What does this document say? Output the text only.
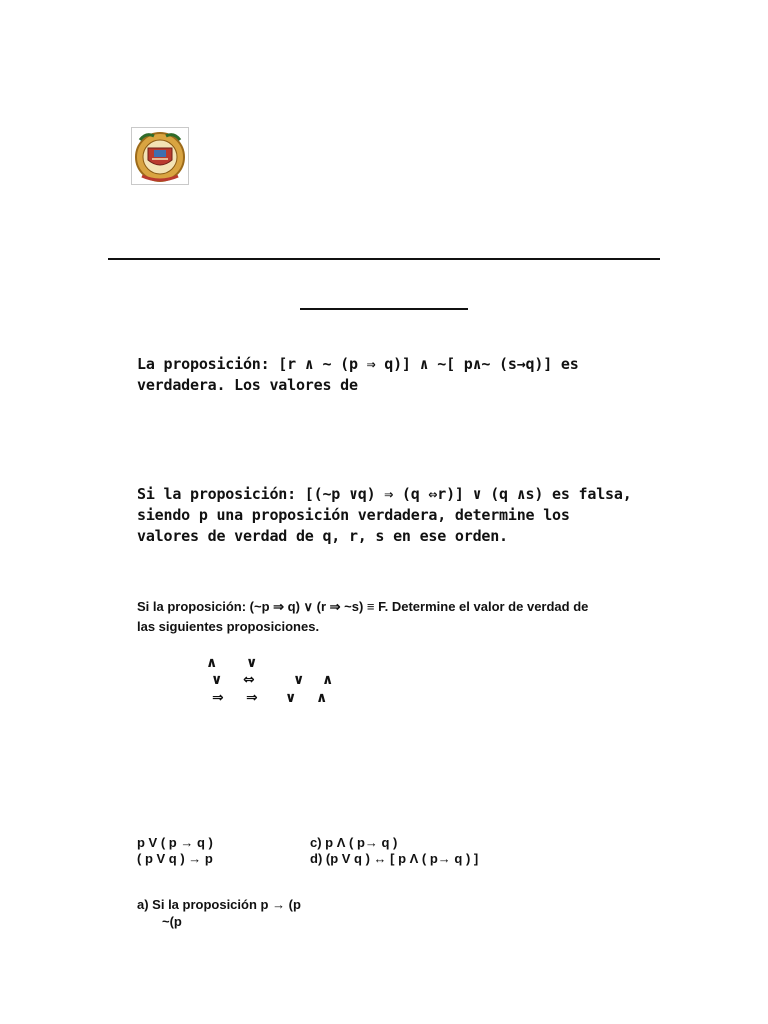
La proposición: [r ∧ ~ (p ⇒ q)] ∧ ~[ p∧~ (s→q)] es

verdadera. Los valores de

Si la proposición: [(~p ∨q) ⇒ (q ⇔r)] ∨ (q ∧s) es falsa,

siendo p una proposición verdadera, determine los

valores de verdad de q, r, s en ese orden.

Si la proposición: (~p ⇒ q) ∨ (r ⇒ ~s) ≡ F. Determine el valor de verdad de

las siguientes proposiciones.

∧ ∨
∨ ⇔	∨ ∧
⇒ ⇒ ∨ ∧

p V ( p → q )

( p V q ) → p

c) p Λ ( p→ q )

d) (p V q ) ↔ [ p Λ ( p→ q ) ]

a) Si la proposición p → (p

~(p
